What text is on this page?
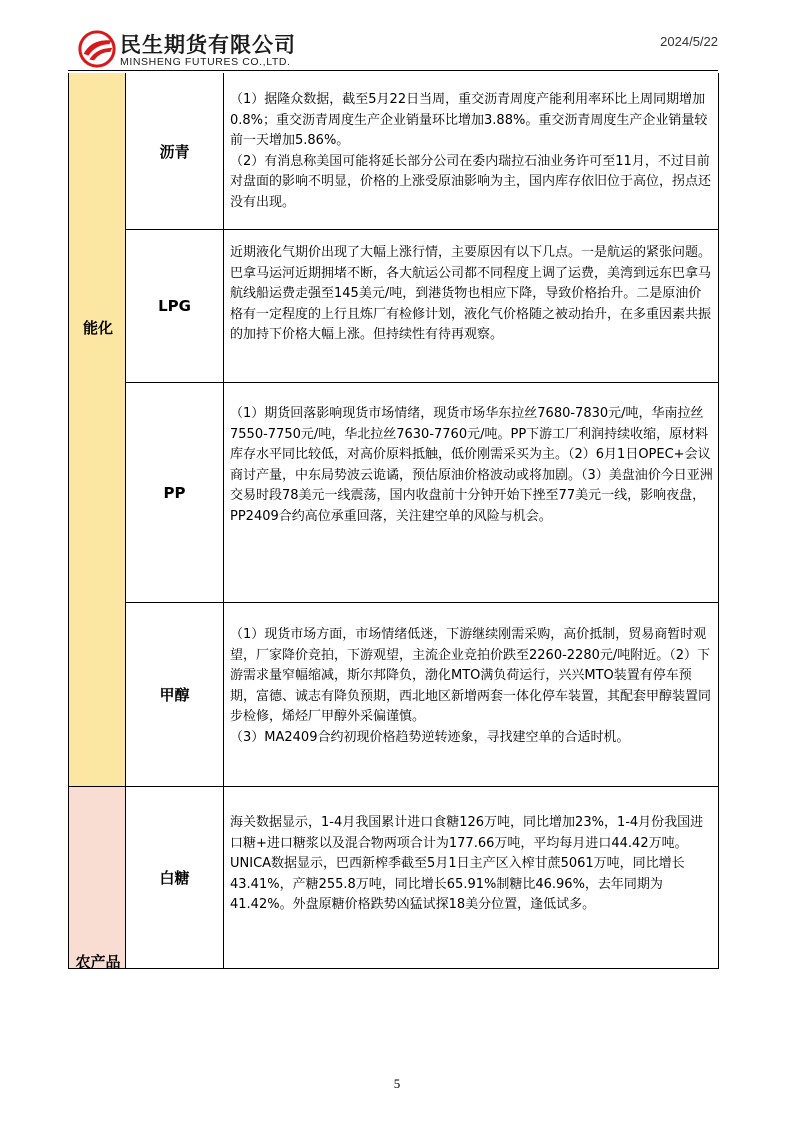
民生期货有限公司
MINSHENG FUTURES CO.,LTD.
2024/5/22
能化
农产品
沥青

（1）据隆众数据，截至5月22日当周，重交沥青周度产能利用率环比上周同期增加0.8%；重交沥青周度生产企业销量环比增加3.88%。重交沥青周度生产企业销量较前一天增加5.86%。

（2）有消息称美国可能将延长部分公司在委内瑞拉石油业务许可至11月，不过目前对盘面的影响不明显，价格的上涨受原油影响为主，国内库存依旧位于高位，拐点还没有出现。

LPG

近期液化气期价出现了大幅上涨行情，主要原因有以下几点。一是航运的紧张问题。巴拿马运河近期拥堵不断，各大航运公司都不同程度上调了运费，美湾到远东巴拿马航线船运费走强至145美元/吨，到港货物也相应下降，导致价格抬升。二是原油价格有一定程度的上行且炼厂有检修计划，液化气价格随之被动抬升，在多重因素共振的加持下价格大幅上涨。但持续性有待再观察。

PP

（1）期货回落影响现货市场情绪，现货市场华东拉丝7680-7830元/吨，华南拉丝7550-7750元/吨，华北拉丝7630-7760元/吨。PP下游工厂利润持续收缩，原材料库存水平同比较低，对高价原料抵触，低价刚需采买为主。（2）6月1日OPEC+会议商讨产量，中东局势波云诡谲，预估原油价格波动或将加剧。（3）美盘油价今日亚洲交易时段78美元一线震荡，国内收盘前十分钟开始下挫至77美元一线，影响夜盘，PP2409合约高位承重回落，关注建空单的风险与机会。

甲醇

（1）现货市场方面，市场情绪低迷，下游继续刚需采购，高价抵制，贸易商暂时观望，厂家降价竞拍，下游观望，主流企业竞拍价跌至2260-2280元/吨附近。（2）下游需求量窄幅缩减，斯尔邦降负，渤化MTO满负荷运行，兴兴MTO装置有停车预期，富德、诚志有降负预期，西北地区新增两套一体化停车装置，其配套甲醇装置同步检修，烯烃厂甲醇外采偏谨慎。

（3）MA2409合约初现价格趋势逆转迹象，寻找建空单的合适时机。

白糖

海关数据显示，1-4月我国累计进口食糖126万吨，同比增加23%，1-4月份我国进口糖+进口糖浆以及混合物两项合计为177.66万吨，平均每月进口44.42万吨。UNICA数据显示，巴西新榨季截至5月1日主产区入榨甘蔗5061万吨，同比增长43.41%，产糖255.8万吨，同比增长65.91%制糖比46.96%，去年同期为41.42%。外盘原糖价格跌势凶猛试探18美分位置，逢低试多。

5
